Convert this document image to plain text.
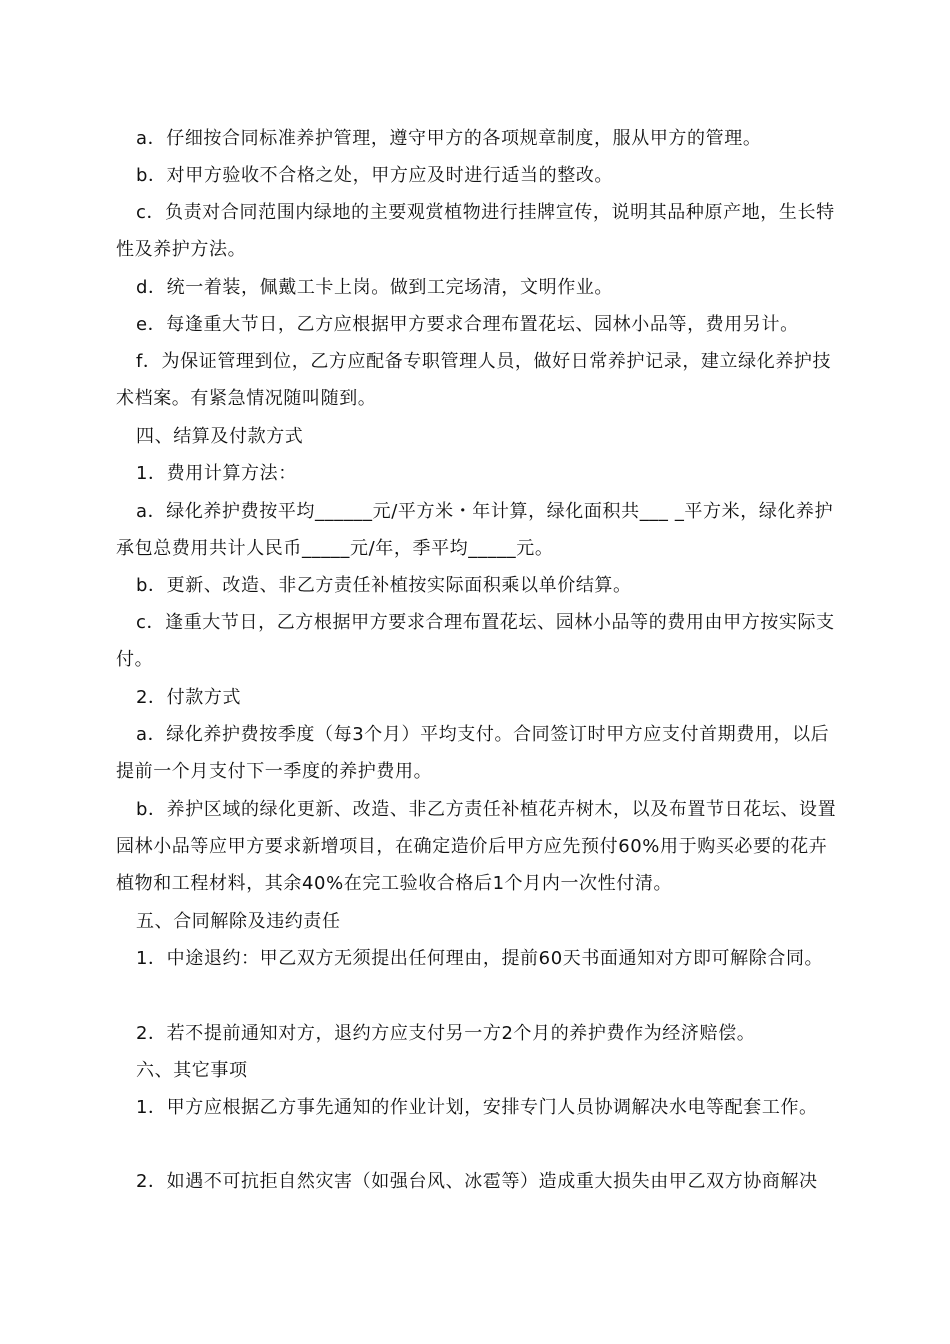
a．仔细按合同标准养护管理，遵守甲方的各项规章制度，服从甲方的管理。

b．对甲方验收不合格之处，甲方应及时进行适当的整改。

c．负责对合同范围内绿地的主要观赏植物进行挂牌宣传，说明其品种原产地，生长特性及养护方法。

d．统一着装，佩戴工卡上岗。做到工完场清，文明作业。

e．每逢重大节日，乙方应根据甲方要求合理布置花坛、园林小品等，费用另计。

f．为保证管理到位，乙方应配备专职管理人员，做好日常养护记录，建立绿化养护技术档案。有紧急情况随叫随到。

四、结算及付款方式

1．费用计算方法：

a．绿化养护费按平均______元/平方米・年计算，绿化面积共___ _平方米，绿化养护承包总费用共计人民币_____元/年，季平均_____元。

b．更新、改造、非乙方责任补植按实际面积乘以单价结算。

c．逢重大节日，乙方根据甲方要求合理布置花坛、园林小品等的费用由甲方按实际支付。

2．付款方式

a．绿化养护费按季度（每3个月）平均支付。合同签订时甲方应支付首期费用，以后提前一个月支付下一季度的养护费用。

b．养护区域的绿化更新、改造、非乙方责任补植花卉树木，以及布置节日花坛、设置园林小品等应甲方要求新增项目，在确定造价后甲方应先预付60%用于购买必要的花卉植物和工程材料，其余40%在完工验收合格后1个月内一次性付清。

五、合同解除及违约责任

1．中途退约：甲乙双方无须提出任何理由，提前60天书面通知对方即可解除合同。

2．若不提前通知对方，退约方应支付另一方2个月的养护费作为经济赔偿。

六、其它事项

1．甲方应根据乙方事先通知的作业计划，安排专门人员协调解决水电等配套工作。

2．如遇不可抗拒自然灾害（如强台风、冰雹等）造成重大损失由甲乙双方协商解决
